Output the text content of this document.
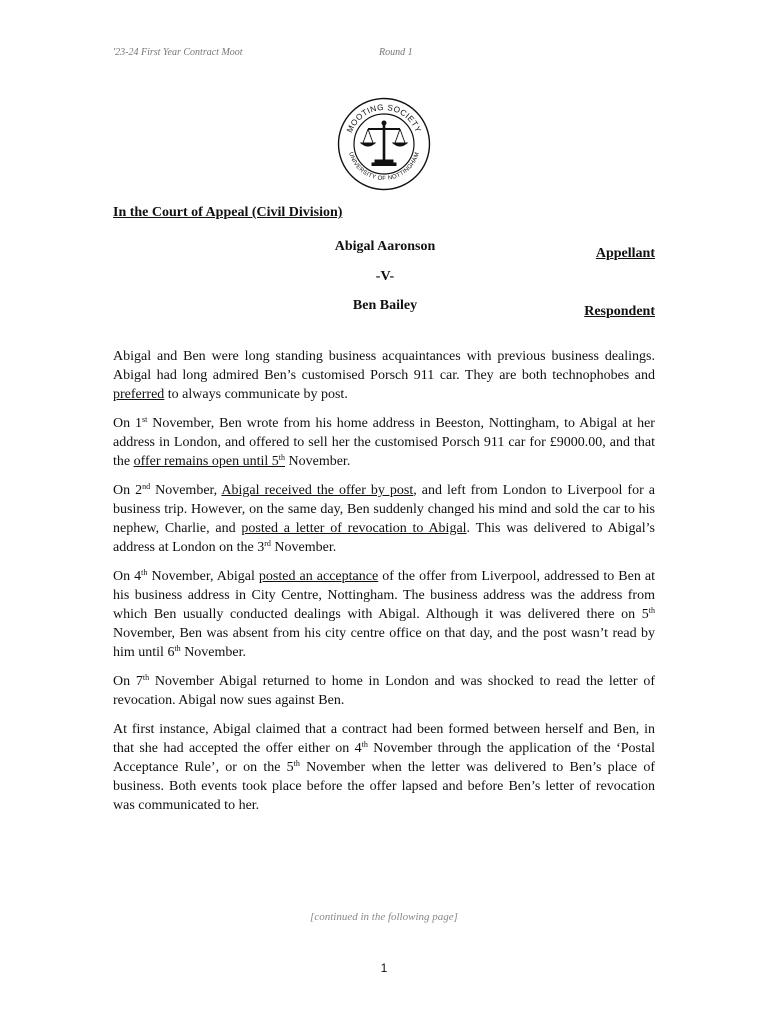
'23-24 First Year Contract Moot	Round 1
MOOTING SOCIETY
UNIVERSITY OF NOTTINGHAM
In the Court of Appeal (Civil Division)
Abigal Aaronson
-V-
Ben Bailey
Appellant
Respondent

Abigal and Ben were long standing business acquaintances with previous business dealings. Abigal had long admired Ben’s customised Porsch 911 car. They are both technophobes and preferred to always communicate by post.

On 1st November, Ben wrote from his home address in Beeston, Nottingham, to Abigal at her address in London, and offered to sell her the customised Porsch 911 car for £9000.00, and that the offer remains open until 5th November.

On 2nd November, Abigal received the offer by post, and left from London to Liverpool for a business trip. However, on the same day, Ben suddenly changed his mind and sold the car to his nephew, Charlie, and posted a letter of revocation to Abigal. This was delivered to Abigal’s address at London on the 3rd November.

On 4th November, Abigal posted an acceptance of the offer from Liverpool, addressed to Ben at his business address in City Centre, Nottingham. The business address was the address from which Ben usually conducted dealings with Abigal. Although it was delivered there on 5th November, Ben was absent from his city centre office on that day, and the post wasn’t read by him until 6th November.

On 7th November Abigal returned to home in London and was shocked to read the letter of revocation. Abigal now sues against Ben.

At first instance, Abigal claimed that a contract had been formed between herself and Ben, in that she had accepted the offer either on 4th November through the application of the ‘Postal Acceptance Rule’, or on the 5th November when the letter was delivered to Ben’s place of business. Both events took place before the offer lapsed and before Ben’s letter of revocation was communicated to her.

[continued in the following page]
1
